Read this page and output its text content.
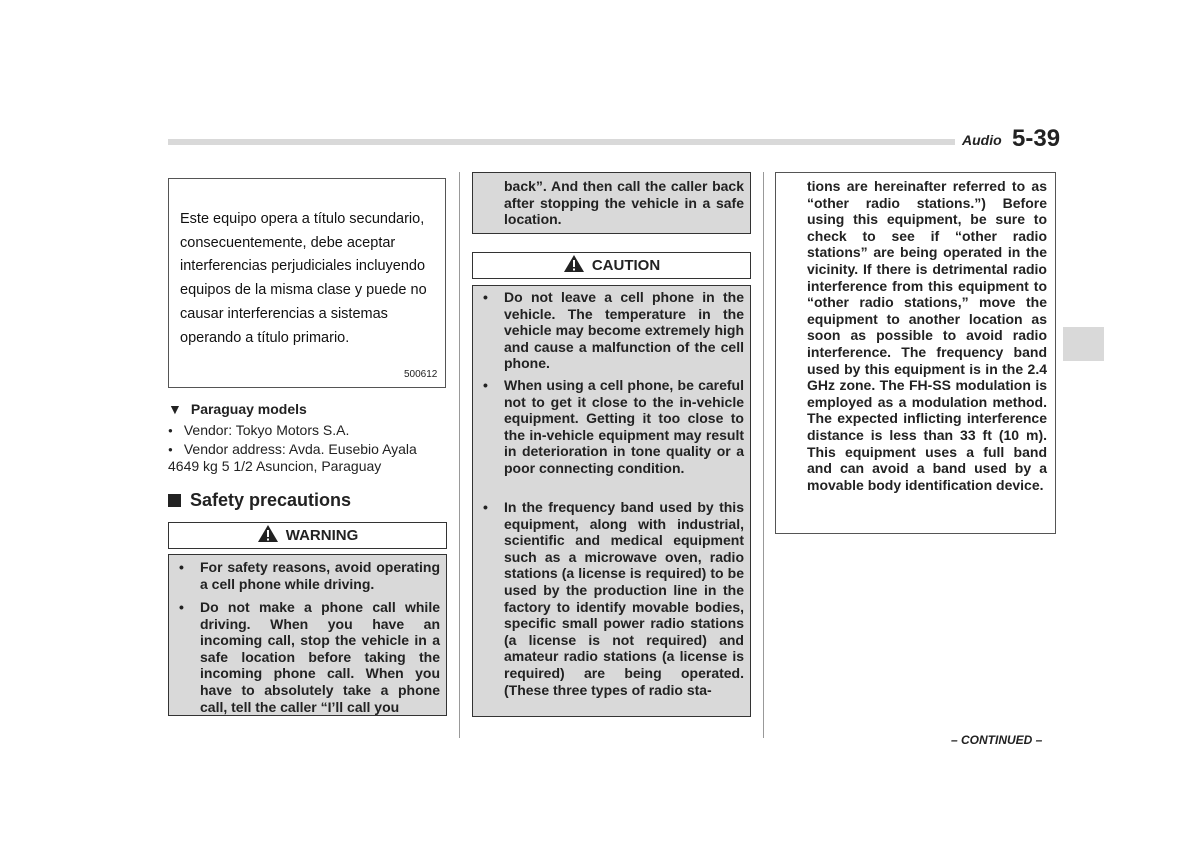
Audio 5-39
Este equipo opera a título secundario,
consecuentemente, debe aceptar
interferencias perjudiciales incluyendo
equipos de la misma clase y puede no
causar interferencias a sistemas
operando a título primario.
500612
▼ Paraguay models
● Vendor: Tokyo Motors S.A.
● Vendor address: Avda. Eusebio Ayala 4649 kg 5 1/2 Asuncion, Paraguay
Safety precautions
WARNING
• For safety reasons, avoid operating a cell phone while driving.
• Do not make a phone call while driving. When you have an incoming call, stop the vehicle in a safe location before taking the incoming phone call. When you have to absolutely take a phone call, tell the caller “I’ll call you
back”. And then call the caller back after stopping the vehicle in a safe location.
CAUTION
• Do not leave a cell phone in the vehicle. The temperature in the vehicle may become extremely high and cause a malfunction of the cell phone.
• When using a cell phone, be careful not to get it close to the in-vehicle equipment. Getting it too close to the in-vehicle equipment may result in deterioration in tone quality or a poor connecting condition.
• In the frequency band used by this equipment, along with industrial, scientific and medical equipment such as a microwave oven, radio stations (a license is required) to be used by the production line in the factory to identify movable bodies, specific small power radio stations (a license is not required) and amateur radio stations (a license is required) are being operated. (These three types of radio sta-
tions are hereinafter referred to as “other radio stations.”) Before using this equipment, be sure to check to see if “other radio stations” are being operated in the vicinity. If there is detrimental radio interference from this equipment to “other radio stations,” move the equipment to another location as soon as possible to avoid radio interference. The frequency band used by this equipment is in the 2.4 GHz zone. The FH-SS modulation is employed as a modulation method. The expected inflicting interference distance is less than 33 ft (10 m). This equipment uses a full band and can avoid a band used by a movable body identification device.
– CONTINUED –
